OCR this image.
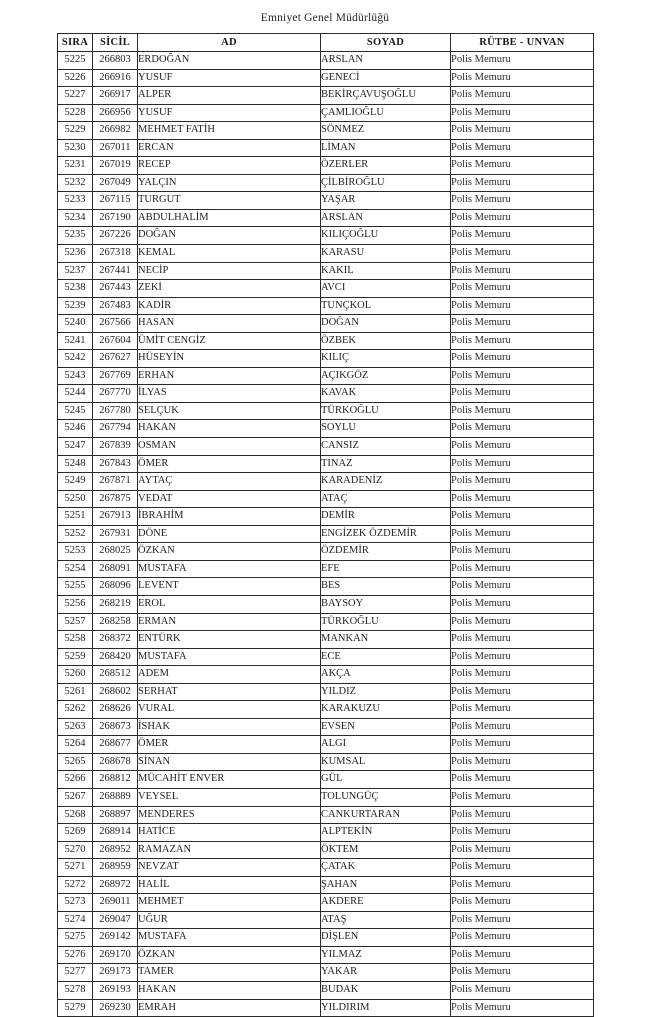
Emniyet Genel Müdürlüğü
SIRA	SİCİL	AD	SOYAD	RÜTBE - UNVAN
5225	266803	ERDOĞAN	ARSLAN	Polis Memuru
5226	266916	YUSUF	GENECİ	Polis Memuru
5227	266917	ALPER	BEKİRÇAVUŞOĞLU	Polis Memuru
5228	266956	YUSUF	ÇAMLIOĞLU	Polis Memuru
5229	266982	MEHMET FATİH	SÖNMEZ	Polis Memuru
5230	267011	ERCAN	LİMAN	Polis Memuru
5231	267019	RECEP	ÖZERLER	Polis Memuru
5232	267049	YALÇIN	ÇİLBİROĞLU	Polis Memuru
5233	267115	TURGUT	YAŞAR	Polis Memuru
5234	267190	ABDULHALİM	ARSLAN	Polis Memuru
5235	267226	DOĞAN	KILIÇOĞLU	Polis Memuru
5236	267318	KEMAL	KARASU	Polis Memuru
5237	267441	NECİP	KAKIL	Polis Memuru
5238	267443	ZEKİ	AVCI	Polis Memuru
5239	267483	KADİR	TUNÇKOL	Polis Memuru
5240	267566	HASAN	DOĞAN	Polis Memuru
5241	267604	ÜMİT CENGİZ	ÖZBEK	Polis Memuru
5242	267627	HÜSEYİN	KILIÇ	Polis Memuru
5243	267769	ERHAN	AÇIKGÖZ	Polis Memuru
5244	267770	İLYAS	KAVAK	Polis Memuru
5245	267780	SELÇUK	TÜRKOĞLU	Polis Memuru
5246	267794	HAKAN	SOYLU	Polis Memuru
5247	267839	OSMAN	CANSIZ	Polis Memuru
5248	267843	ÖMER	TINAZ	Polis Memuru
5249	267871	AYTAÇ	KARADENİZ	Polis Memuru
5250	267875	VEDAT	ATAÇ	Polis Memuru
5251	267913	İBRAHİM	DEMİR	Polis Memuru
5252	267931	DÖNE	ENGİZEK ÖZDEMİR	Polis Memuru
5253	268025	ÖZKAN	ÖZDEMİR	Polis Memuru
5254	268091	MUSTAFA	EFE	Polis Memuru
5255	268096	LEVENT	BES	Polis Memuru
5256	268219	EROL	BAYSOY	Polis Memuru
5257	268258	ERMAN	TÜRKOĞLU	Polis Memuru
5258	268372	ENTÜRK	MANKAN	Polis Memuru
5259	268420	MUSTAFA	ECE	Polis Memuru
5260	268512	ADEM	AKÇA	Polis Memuru
5261	268602	SERHAT	YILDIZ	Polis Memuru
5262	268626	VURAL	KARAKUZU	Polis Memuru
5263	268673	İSHAK	EVSEN	Polis Memuru
5264	268677	ÖMER	ALGI	Polis Memuru
5265	268678	SİNAN	KUMSAL	Polis Memuru
5266	268812	MÜCAHİT ENVER	GÜL	Polis Memuru
5267	268889	VEYSEL	TOLUNGÜÇ	Polis Memuru
5268	268897	MENDERES	CANKURTARAN	Polis Memuru
5269	268914	HATİCE	ALPTEKİN	Polis Memuru
5270	268952	RAMAZAN	ÖKTEM	Polis Memuru
5271	268959	NEVZAT	ÇATAK	Polis Memuru
5272	268972	HALİL	ŞAHAN	Polis Memuru
5273	269011	MEHMET	AKDERE	Polis Memuru
5274	269047	UĞUR	ATAŞ	Polis Memuru
5275	269142	MUSTAFA	DİŞLEN	Polis Memuru
5276	269170	ÖZKAN	YILMAZ	Polis Memuru
5277	269173	TAMER	YAKAR	Polis Memuru
5278	269193	HAKAN	BUDAK	Polis Memuru
5279	269230	EMRAH	YILDIRIM	Polis Memuru
